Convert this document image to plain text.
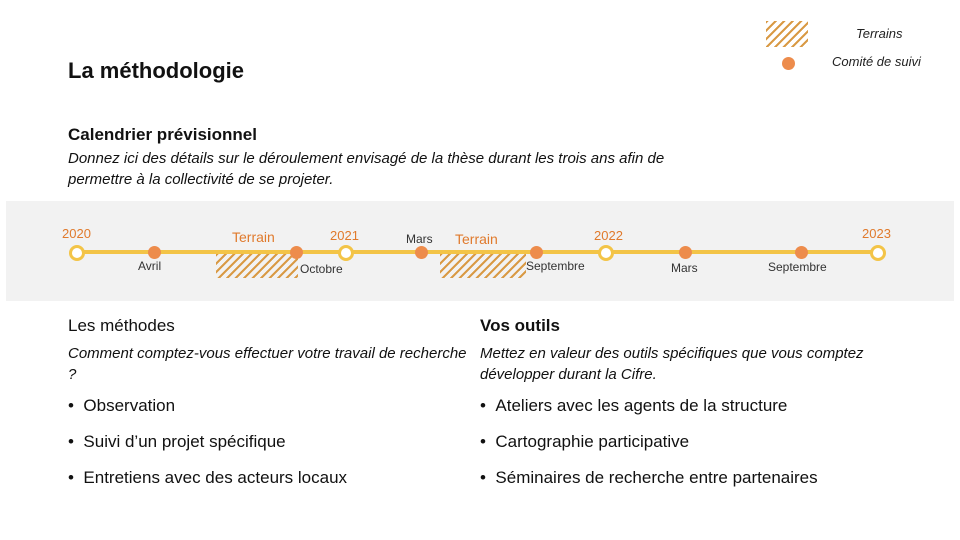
Terrains
Comité de suivi
La méthodologie
Calendrier prévisionnel
Donnez ici des détails sur le déroulement envisagé de la thèse durant les trois ans afin de permettre à la collectivité de se projeter.
2020	2021	2022	2023
Terrain	Terrain
Avril	Octobre
Mars
Septembre	Mars	Septembre
Les méthodes
Comment comptez-vous effectuer votre travail de recherche ?
•  Observation
•  Suivi d’un projet spécifique
•  Entretiens avec des acteurs locaux
Vos outils
Mettez en valeur des outils spécifiques que vous comptez développer durant la Cifre.
•  Ateliers avec les agents de la structure
•  Cartographie participative
•  Séminaires de recherche entre partenaires
